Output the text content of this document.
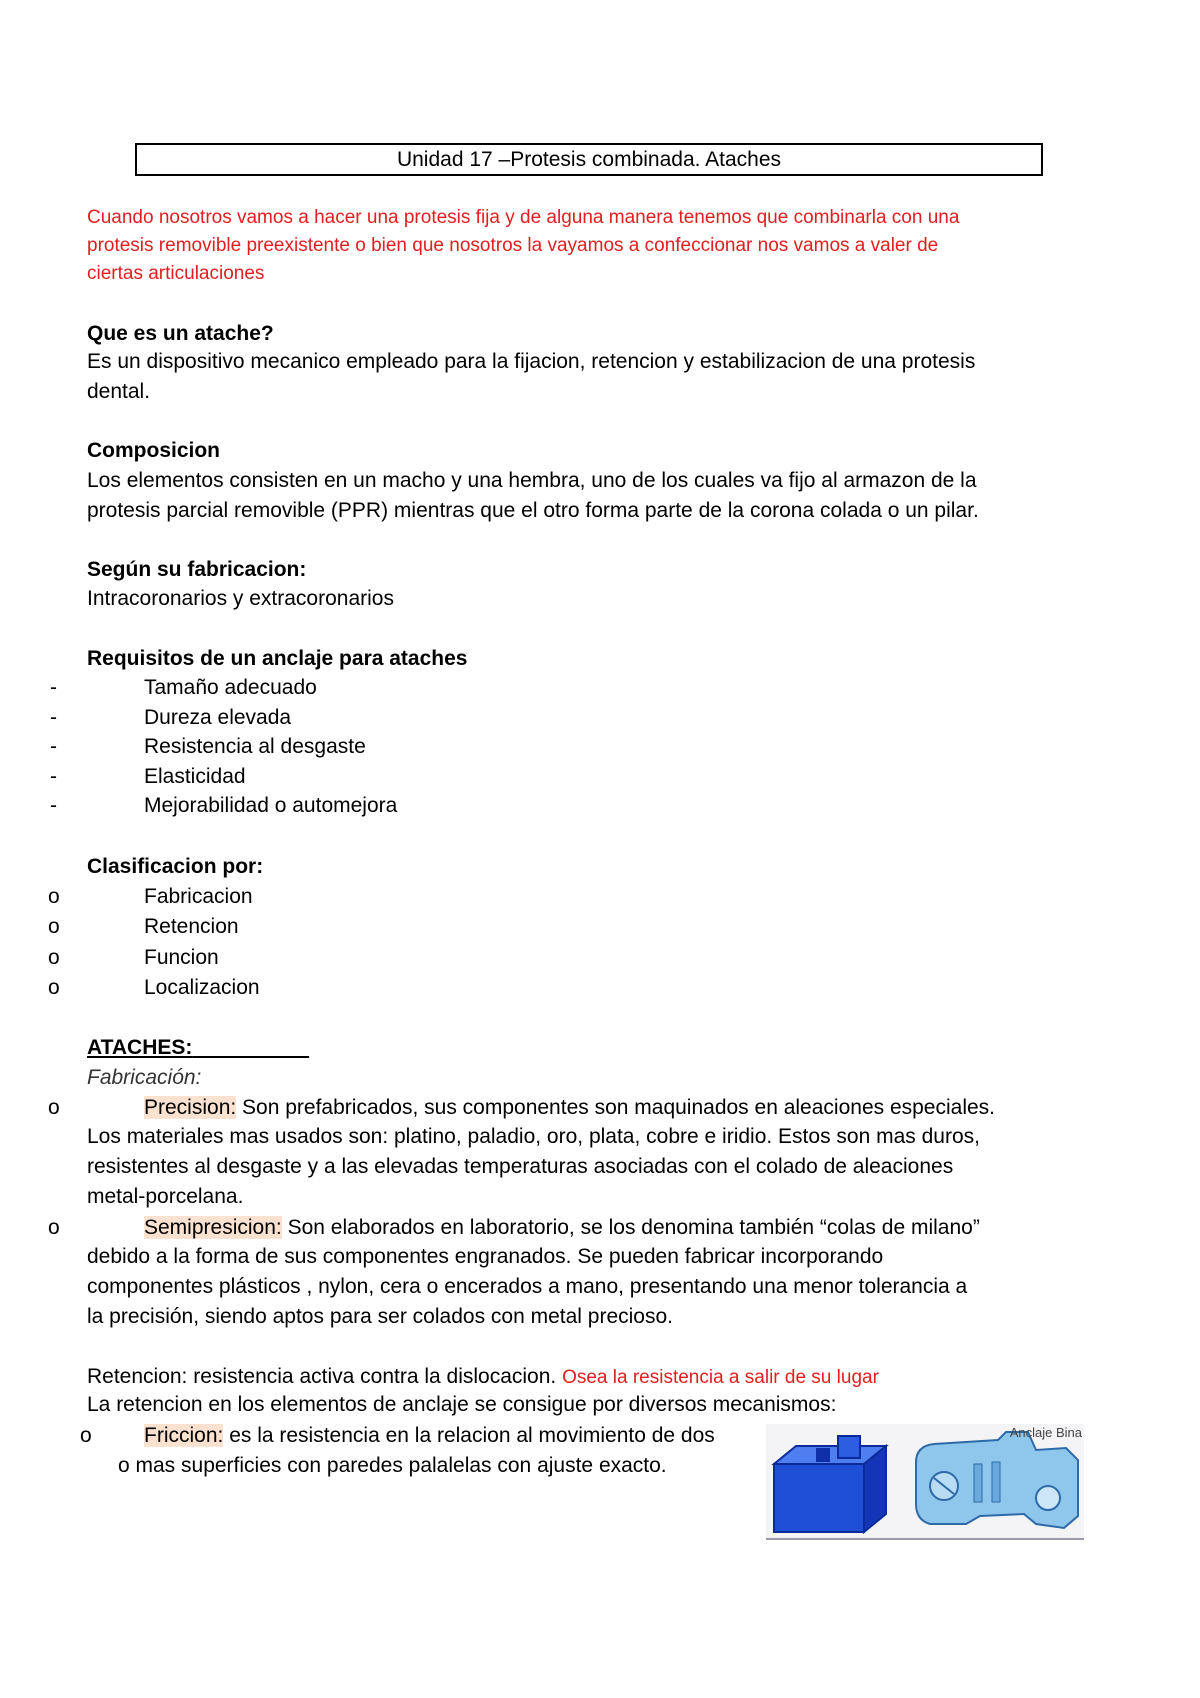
Unidad 17 –Protesis combinada. Ataches
Cuando nosotros vamos a hacer una protesis fija y de alguna manera tenemos que combinarla con una
protesis removible preexistente o bien que nosotros la vayamos a confeccionar nos vamos a valer de
ciertas articulaciones
Que es un atache?
Es un dispositivo mecanico empleado para la fijacion, retencion y estabilizacion de una protesis
dental.
Composicion
Los elementos consisten en un macho y una hembra, uno de los cuales va fijo al armazon de la
protesis parcial removible (PPR) mientras que el otro forma parte de la corona colada o un pilar.
Según su fabricacion:
Intracoronarios y extracoronarios
Requisitos de un anclaje para ataches
-	Tamaño adecuado
-	Dureza elevada
-	Resistencia al desgaste
-	Elasticidad
-	Mejorabilidad o automejora
Clasificacion por:
o	Fabricacion
o	Retencion
o	Funcion
o	Localizacion
ATACHES:
Fabricación:
o	Precision: Son prefabricados, sus componentes son maquinados en aleaciones especiales.
Los materiales mas usados son: platino, paladio, oro, plata, cobre e iridio. Estos son mas duros,
resistentes al desgaste y a las elevadas temperaturas asociadas con el colado de aleaciones
metal-porcelana.
o	Semipresicion: Son elaborados en laboratorio, se los denomina también “colas de milano”
debido a la forma de sus componentes engranados. Se pueden fabricar incorporando
componentes plásticos , nylon, cera o encerados a mano, presentando una menor tolerancia a
la precisión, siendo aptos para ser colados con metal precioso.
Retencion: resistencia activa contra la dislocacion. Osea la resistencia a salir de su lugar
La retencion en los elementos de anclaje se consigue por diversos mecanismos:
o Friccion: es la resistencia en la relacion al movimiento de dos
o mas superficies con paredes palalelas con ajuste exacto.
Anclaje Bina
